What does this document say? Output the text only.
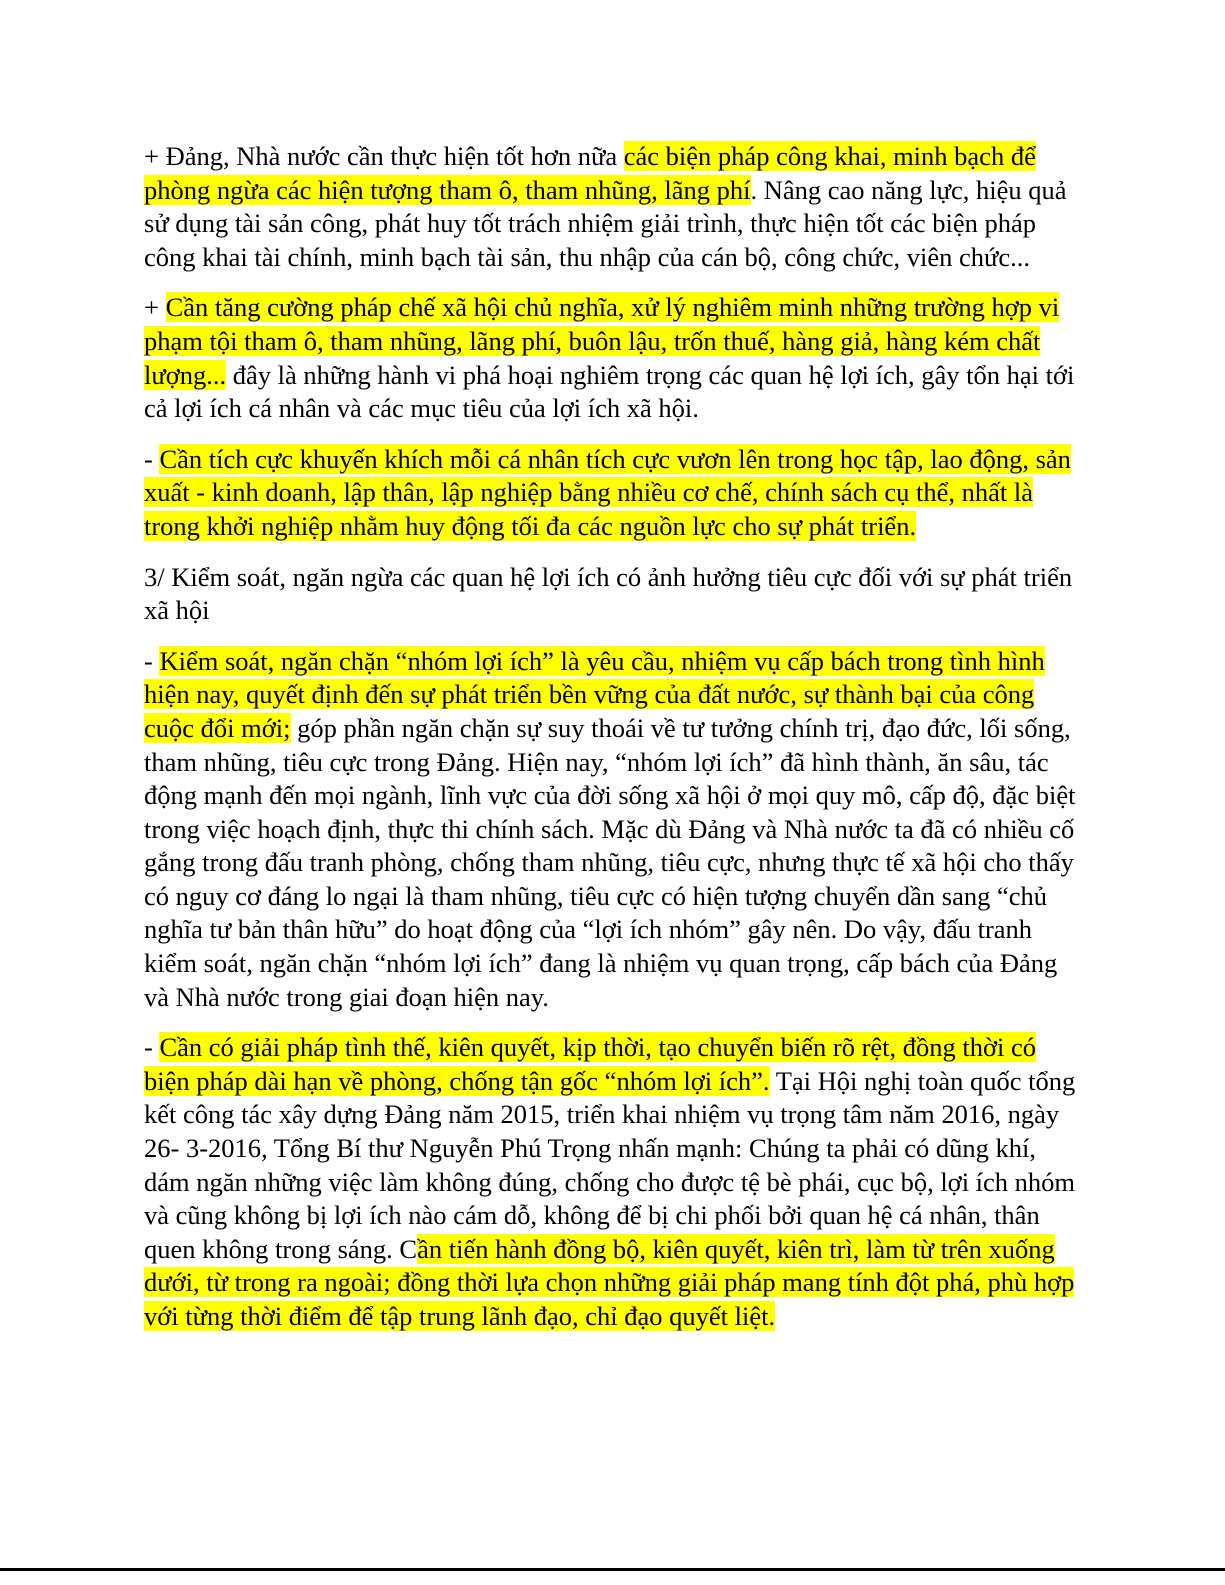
+ Đảng, Nhà nước cần thực hiện tốt hơn nữa các biện pháp công khai, minh bạch để phòng ngừa các hiện tượng tham ô, tham nhũng, lãng phí. Nâng cao năng lực, hiệu quả sử dụng tài sản công, phát huy tốt trách nhiệm giải trình, thực hiện tốt các biện pháp công khai tài chính, minh bạch tài sản, thu nhập của cán bộ, công chức, viên chức...

+ Cần tăng cường pháp chế xã hội chủ nghĩa, xử lý nghiêm minh những trường hợp vi phạm tội tham ô, tham nhũng, lãng phí, buôn lậu, trốn thuế, hàng giả, hàng kém chất lượng... đây là những hành vi phá hoại nghiêm trọng các quan hệ lợi ích, gây tổn hại tới cả lợi ích cá nhân và các mục tiêu của lợi ích xã hội.

- Cần tích cực khuyến khích mỗi cá nhân tích cực vươn lên trong học tập, lao động, sản xuất - kinh doanh, lập thân, lập nghiệp bằng nhiều cơ chế, chính sách cụ thể, nhất là trong khởi nghiệp nhằm huy động tối đa các nguồn lực cho sự phát triển.

3/ Kiểm soát, ngăn ngừa các quan hệ lợi ích có ảnh hưởng tiêu cực đối với sự phát triển xã hội

- Kiểm soát, ngăn chặn “nhóm lợi ích” là yêu cầu, nhiệm vụ cấp bách trong tình hình hiện nay, quyết định đến sự phát triển bền vững của đất nước, sự thành bại của công cuộc đổi mới; góp phần ngăn chặn sự suy thoái về tư tưởng chính trị, đạo đức, lối sống, tham nhũng, tiêu cực trong Đảng. Hiện nay, “nhóm lợi ích” đã hình thành, ăn sâu, tác động mạnh đến mọi ngành, lĩnh vực của đời sống xã hội ở mọi quy mô, cấp độ, đặc biệt trong việc hoạch định, thực thi chính sách. Mặc dù Đảng và Nhà nước ta đã có nhiều cố gắng trong đấu tranh phòng, chống tham nhũng, tiêu cực, nhưng thực tế xã hội cho thấy có nguy cơ đáng lo ngại là tham nhũng, tiêu cực có hiện tượng chuyển dần sang “chủ nghĩa tư bản thân hữu” do hoạt động của “lợi ích nhóm” gây nên. Do vậy, đấu tranh kiểm soát, ngăn chặn “nhóm lợi ích” đang là nhiệm vụ quan trọng, cấp bách của Đảng và Nhà nước trong giai đoạn hiện nay.

- Cần có giải pháp tình thế, kiên quyết, kịp thời, tạo chuyển biến rõ rệt, đồng thời có biện pháp dài hạn về phòng, chống tận gốc “nhóm lợi ích”. Tại Hội nghị toàn quốc tổng kết công tác xây dựng Đảng năm 2015, triển khai nhiệm vụ trọng tâm năm 2016, ngày 26- 3-2016, Tổng Bí thư Nguyễn Phú Trọng nhấn mạnh: Chúng ta phải có dũng khí, dám ngăn những việc làm không đúng, chống cho được tệ bè phái, cục bộ, lợi ích nhóm và cũng không bị lợi ích nào cám dỗ, không để bị chi phối bởi quan hệ cá nhân, thân quen không trong sáng. Cần tiến hành đồng bộ, kiên quyết, kiên trì, làm từ trên xuống dưới, từ trong ra ngoài; đồng thời lựa chọn những giải pháp mang tính đột phá, phù hợp với từng thời điểm để tập trung lãnh đạo, chỉ đạo quyết liệt.
